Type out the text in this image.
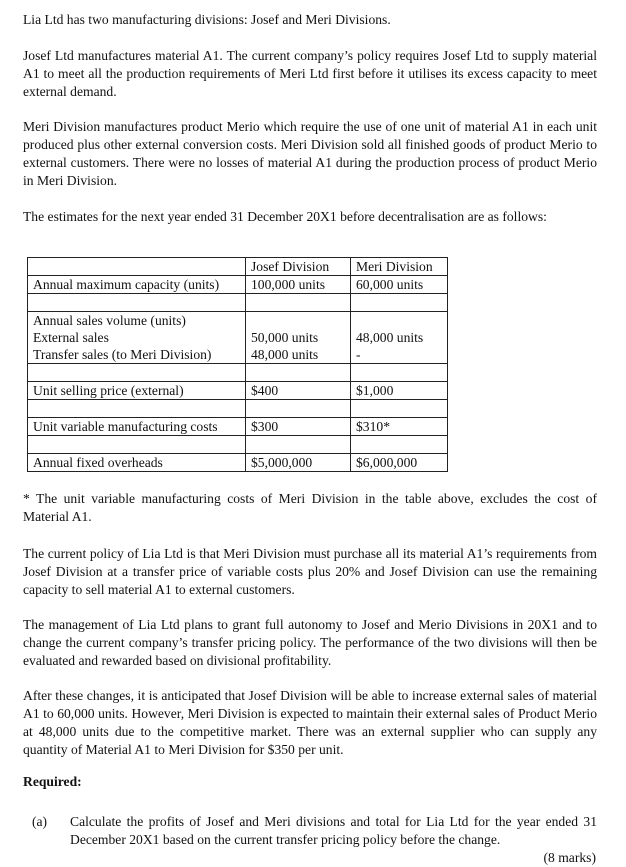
Lia Ltd has two manufacturing divisions: Josef and Meri Divisions.

Josef Ltd manufactures material A1. The current company’s policy requires Josef Ltd to supply material A1 to meet all the production requirements of Meri Ltd first before it utilises its excess capacity to meet external demand.

Meri Division manufactures product Merio which require the use of one unit of material A1 in each unit produced plus other external conversion costs. Meri Division sold all finished goods of product Merio to external customers. There were no losses of material A1 during the production process of product Merio in Meri Division.

The estimates for the next year ended 31 December 20X1 before decentralisation are as follows:

	Josef Division	Meri Division
Annual maximum capacity (units)	100,000 units	60,000 units

Annual sales volume (units)		
External sales	50,000 units	48,000 units
Transfer sales (to Meri Division)	48,000 units	-

Unit selling price (external)	$400	$1,000

Unit variable manufacturing costs	$300	$310*

Annual fixed overheads	$5,000,000	$6,000,000

* The unit variable manufacturing costs of Meri Division in the table above, excludes the cost of Material A1.

The current policy of Lia Ltd is that Meri Division must purchase all its material A1’s requirements from Josef Division at a transfer price of variable costs plus 20% and Josef Division can use the remaining capacity to sell material A1 to external customers.

The management of Lia Ltd plans to grant full autonomy to Josef and Merio Divisions in 20X1 and to change the current company’s transfer pricing policy. The performance of the two divisions will then be evaluated and rewarded based on divisional profitability.

After these changes, it is anticipated that Josef Division will be able to increase external sales of material A1 to 60,000 units. However, Meri Division is expected to maintain their external sales of Product Merio at 48,000 units due to the competitive market. There was an external supplier who can supply any quantity of Material A1 to Meri Division for $350 per unit.

Required:

(a) Calculate the profits of Josef and Meri divisions and total for Lia Ltd for the year ended 31 December 20X1 based on the current transfer pricing policy before the change.

(8 marks)
